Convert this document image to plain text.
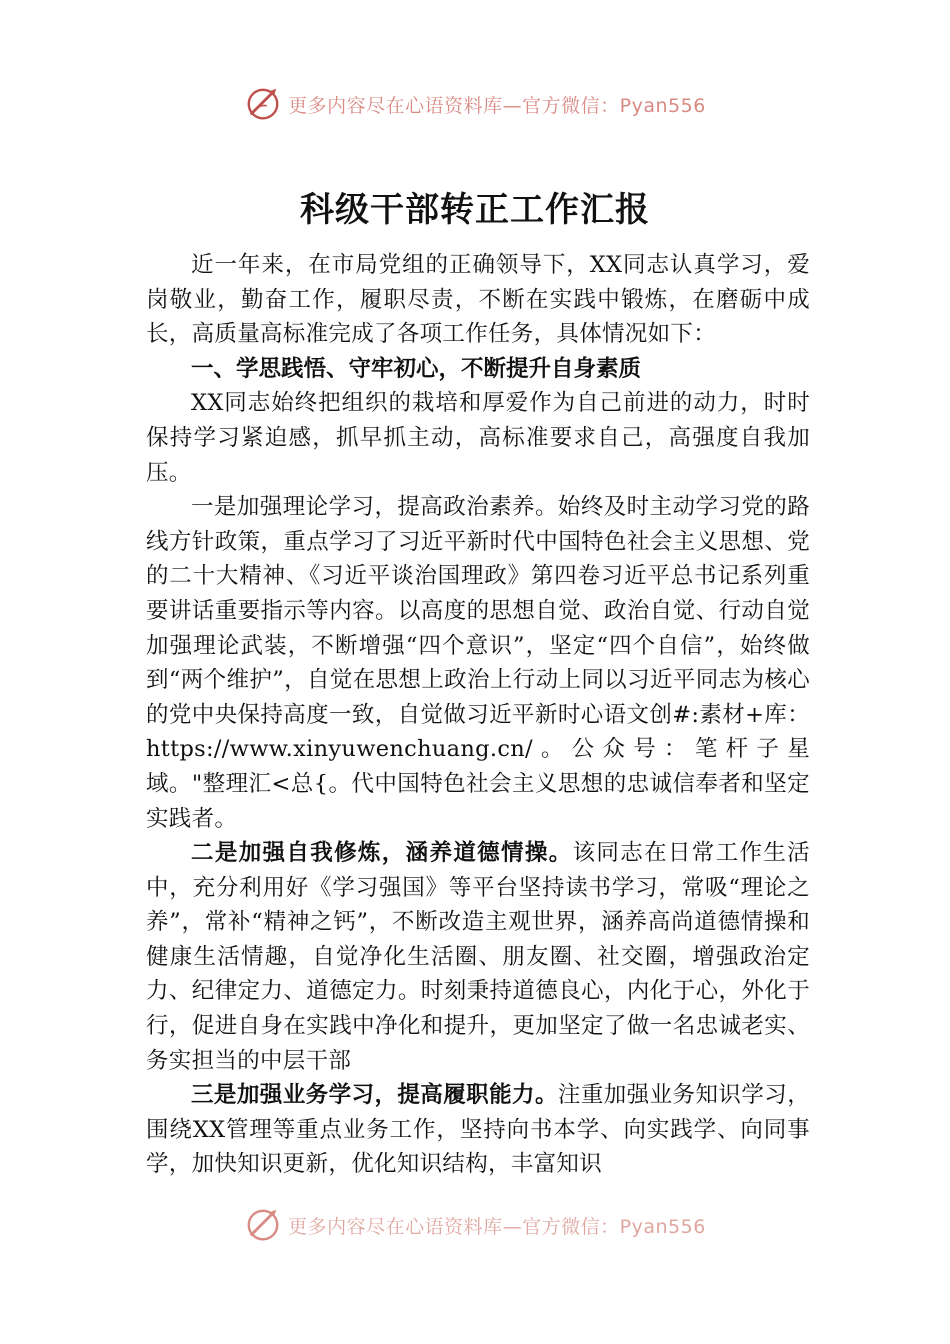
更多内容尽在心语资料库—官方微信：Pyan556
科级干部转正工作汇报

近一年来，在市局党组的正确领导下，XX同志认真学习，爱岗敬业，勤奋工作，履职尽责，不断在实践中锻炼，在磨砺中成长，高质量高标准完成了各项工作任务，具体情况如下：

一、学思践悟、守牢初心，不断提升自身素质

XX同志始终把组织的栽培和厚爱作为自己前进的动力，时时保持学习紧迫感，抓早抓主动，高标准要求自己，高强度自我加压。

一是加强理论学习，提高政治素养。始终及时主动学习党的路线方针政策，重点学习了习近平新时代中国特色社会主义思想、党的二十大精神、《习近平谈治国理政》第四卷习近平总书记系列重要讲话重要指示等内容。以高度的思想自觉、政治自觉、行动自觉加强理论武装，不断增强“四个意识”，坚定“四个自信”，始终做到“两个维护”，自觉在思想上政治上行动上同以习近平同志为核心的党中央保持高度一致，自觉做习近平新时心语文创#:素材+库：https://www.xinyuwenchuang.cn/。公众号：笔杆子星域。"整理汇<总{。代中国特色社会主义思想的忠诚信奉者和坚定实践者。

二是加强自我修炼，涵养道德情操。该同志在日常工作生活中，充分利用好《学习强国》等平台坚持读书学习，常吸“理论之养”，常补“精神之钙”，不断改造主观世界，涵养高尚道德情操和健康生活情趣，自觉净化生活圈、朋友圈、社交圈，增强政治定力、纪律定力、道德定力。时刻秉持道德良心，内化于心，外化于行，促进自身在实践中净化和提升，更加坚定了做一名忠诚老实、务实担当的中层干部

三是加强业务学习，提高履职能力。注重加强业务知识学习，围绕XX管理等重点业务工作，坚持向书本学、向实践学、向同事学，加快知识更新，优化知识结构，丰富知识

更多内容尽在心语资料库—官方微信：Pyan556
